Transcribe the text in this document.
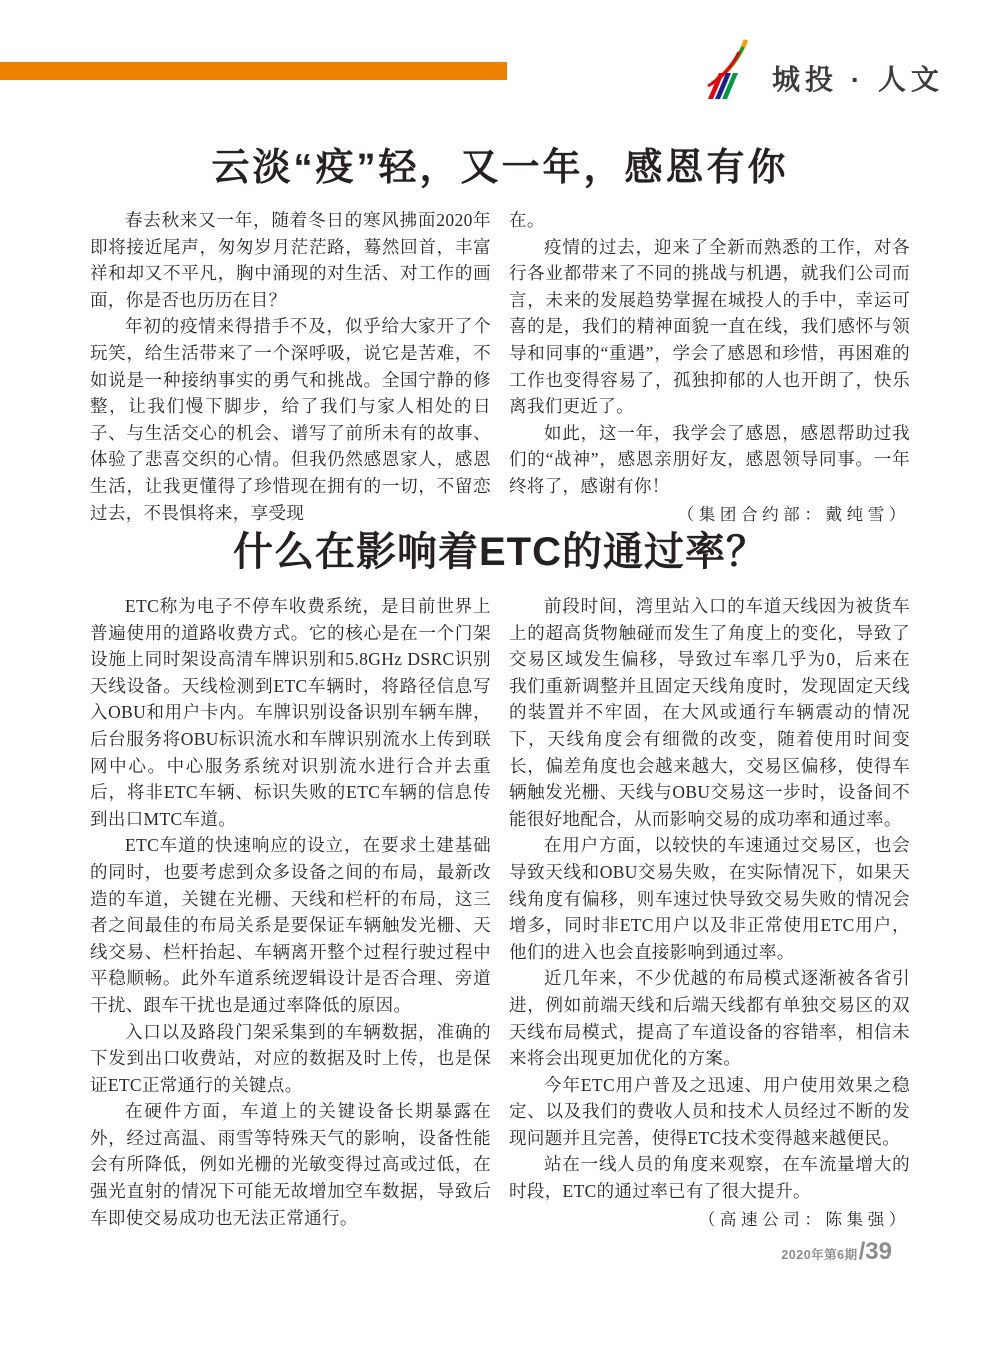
城投 · 人文
云淡“疫”轻，又一年，感恩有你

春去秋来又一年，随着冬日的寒风拂面2020年即将接近尾声，匆匆岁月茫茫路，蓦然回首，丰富祥和却又不平凡，胸中涌现的对生活、对工作的画面，你是否也历历在目？

年初的疫情来得措手不及，似乎给大家开了个玩笑，给生活带来了一个深呼吸，说它是苦难，不如说是一种接纳事实的勇气和挑战。全国宁静的修整，让我们慢下脚步，给了我们与家人相处的日子、与生活交心的机会、谱写了前所未有的故事、体验了悲喜交织的心情。但我仍然感恩家人，感恩生活，让我更懂得了珍惜现在拥有的一切，不留恋过去，不畏惧将来，享受现

在。

疫情的过去，迎来了全新而熟悉的工作，对各行各业都带来了不同的挑战与机遇，就我们公司而言，未来的发展趋势掌握在城投人的手中，幸运可喜的是，我们的精神面貌一直在线，我们感怀与领导和同事的“重遇”，学会了感恩和珍惜，再困难的工作也变得容易了，孤独抑郁的人也开朗了，快乐离我们更近了。

如此，这一年，我学会了感恩，感恩帮助过我们的“战神”，感恩亲朋好友，感恩领导同事。一年终将了，感谢有你！

（集团合约部：戴纯雪）

什么在影响着ETC的通过率？

ETC称为电子不停车收费系统，是目前世界上普遍使用的道路收费方式。它的核心是在一个门架设施上同时架设高清车牌识别和5.8GHz DSRC识别天线设备。天线检测到ETC车辆时，将路径信息写入OBU和用户卡内。车牌识别设备识别车辆车牌，后台服务将OBU标识流水和车牌识别流水上传到联网中心。中心服务系统对识别流水进行合并去重后，将非ETC车辆、标识失败的ETC车辆的信息传到出口MTC车道。

ETC车道的快速响应的设立，在要求土建基础的同时，也要考虑到众多设备之间的布局，最新改造的车道，关键在光栅、天线和栏杆的布局，这三者之间最佳的布局关系是要保证车辆触发光栅、天线交易、栏杆抬起、车辆离开整个过程行驶过程中平稳顺畅。此外车道系统逻辑设计是否合理、旁道干扰、跟车干扰也是通过率降低的原因。

入口以及路段门架采集到的车辆数据，准确的下发到出口收费站，对应的数据及时上传，也是保证ETC正常通行的关键点。

在硬件方面，车道上的关键设备长期暴露在外，经过高温、雨雪等特殊天气的影响，设备性能会有所降低，例如光栅的光敏变得过高或过低，在强光直射的情况下可能无故增加空车数据，导致后车即使交易成功也无法正常通行。

前段时间，湾里站入口的车道天线因为被货车上的超高货物触碰而发生了角度上的变化，导致了交易区域发生偏移，导致过车率几乎为0，后来在我们重新调整并且固定天线角度时，发现固定天线的装置并不牢固，在大风或通行车辆震动的情况下，天线角度会有细微的改变，随着使用时间变长，偏差角度也会越来越大，交易区偏移，使得车辆触发光栅、天线与OBU交易这一步时，设备间不能很好地配合，从而影响交易的成功率和通过率。

在用户方面，以较快的车速通过交易区，也会导致天线和OBU交易失败，在实际情况下，如果天线角度有偏移，则车速过快导致交易失败的情况会增多，同时非ETC用户以及非正常使用ETC用户，他们的进入也会直接影响到通过率。

近几年来，不少优越的布局模式逐渐被各省引进，例如前端天线和后端天线都有单独交易区的双天线布局模式，提高了车道设备的容错率，相信未来将会出现更加优化的方案。

今年ETC用户普及之迅速、用户使用效果之稳定、以及我们的费收人员和技术人员经过不断的发现问题并且完善，使得ETC技术变得越来越便民。

站在一线人员的角度来观察，在车流量增大的时段，ETC的通过率已有了很大提升。

（高速公司：陈集强）

2020年第6期 /39
